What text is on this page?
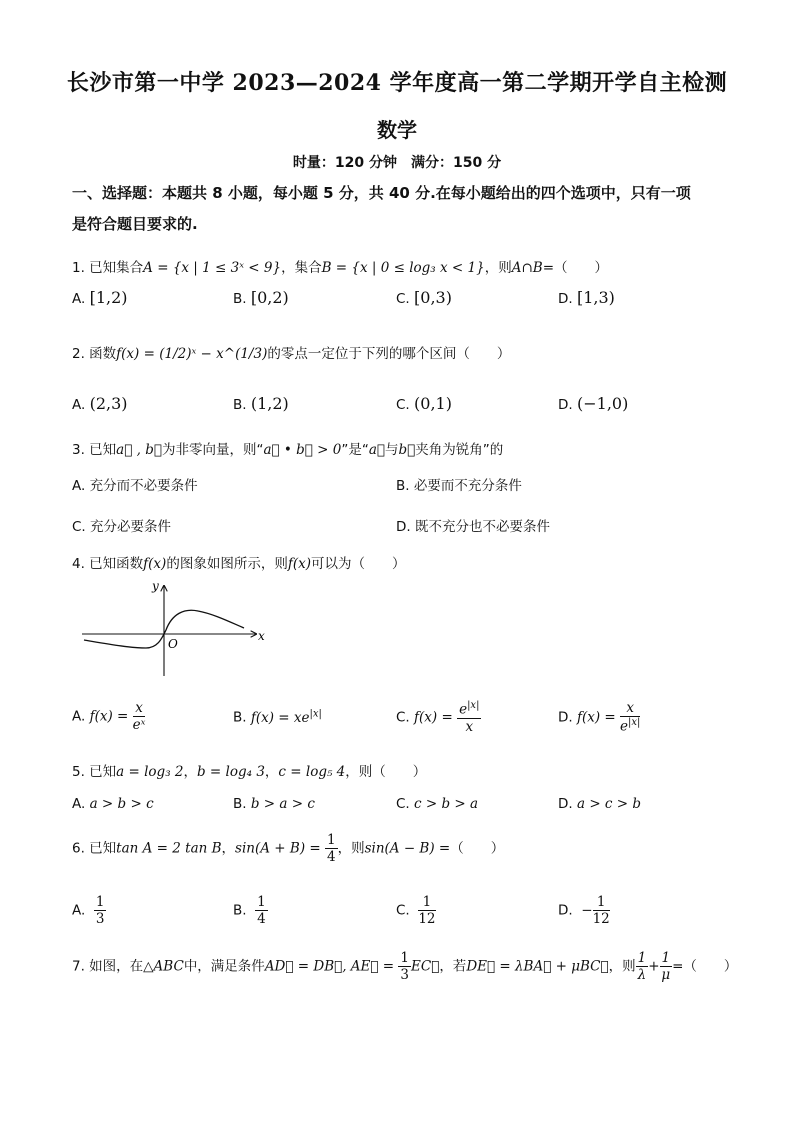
长沙市第一中学 2023—2024 学年度高一第二学期开学自主检测
数学
时量：120 分钟　满分：150 分
一、选择题：本题共 8 小题，每小题 5 分，共 40 分.在每小题给出的四个选项中，只有一项
是符合题目要求的.
1. 已知集合A = {x | 1 ≤ 3ˣ < 9}，集合B = {x | 0 ≤ log₃ x < 1}，则A∩B=（　　）
A. [1,2)	B. [0,2)	C. [0,3)	D. [1,3)
2. 函数f(x) = (1/2)ˣ − x^(1/3)的零点一定位于下列的哪个区间（　　）
A. (2,3)	B. (1,2)	C. (0,1)	D. (−1,0)
3. 已知a⃗ , b⃗为非零向量，则“a⃗ • b⃗ > 0”是“a⃗与b⃗夹角为锐角”的
A. 充分而不必要条件	B. 必要而不充分条件
C. 充分必要条件	D. 既不充分也不必要条件
4. 已知函数f(x)的图象如图所示，则f(x)可以为（　　）
y
x
O
A. $f(x) = \frac{x}{\text{eˣ}}$	B. $f(x) = xe^{|x|}$	C. $f(x) = \frac{e^{|x|}}{x}$	D. $f(x) = \frac{x}{e^{|x|}}$
5. 已知a = log₃ 2，b = log₄ 3，c = log₅ 4，则（　　）
A. a > b > c	B. b > a > c	C. c > b > a	D. a > c > b
6. 已知tan A = 2 tan B，$\sin(A + B) = \frac{1}{4}$ ，则sin(A − B) =（　　）
A. $\frac{1}{3}$	B. $\frac{1}{4}$	C. $\frac{1}{12}$	D. − $\frac{1}{12}$
7. 如图，在△ABC中，满足条件AD⃗ = DB⃗, AE⃗ = $\frac{1}{3}$ EC⃗，若DE⃗ = λBA⃗ + μBC⃗，则 $\frac{1}{\lambda} + \frac{1}{\mu}$ =（　　）
